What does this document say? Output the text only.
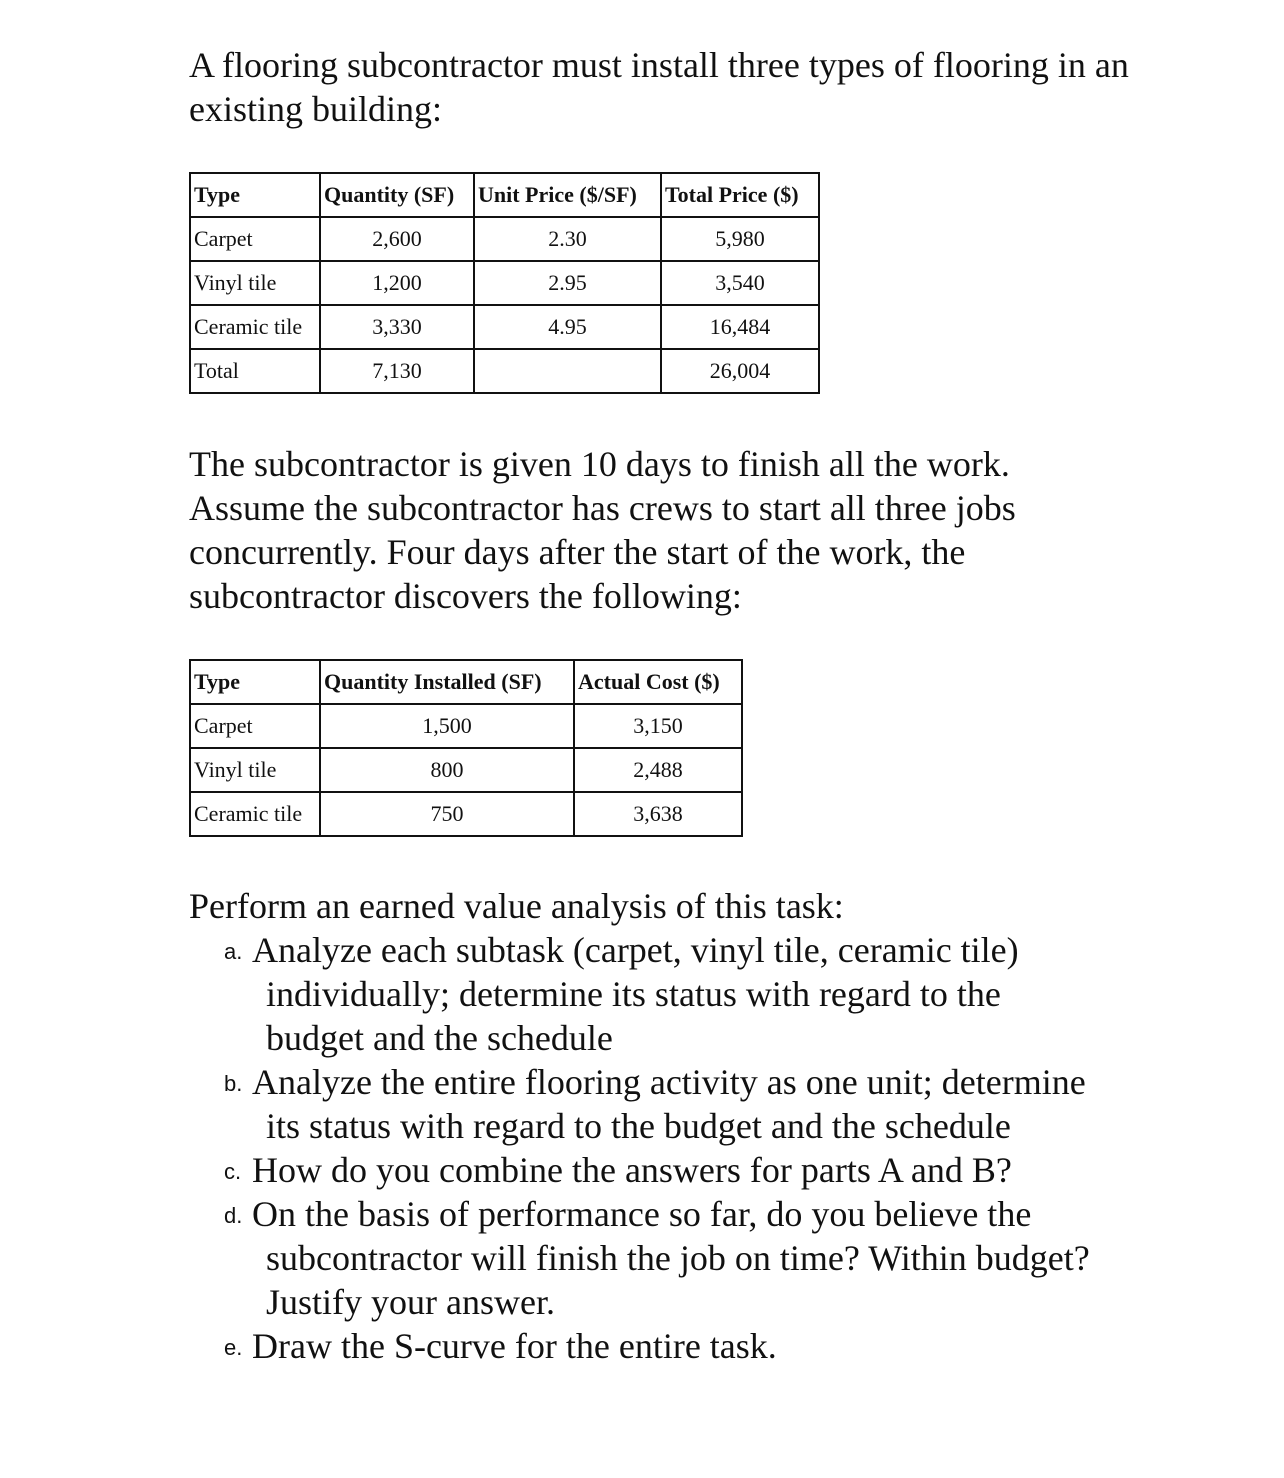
A flooring subcontractor must install three types of flooring in an existing building:

Type	Quantity (SF)	Unit Price ($/SF)	Total Price ($)
Carpet	2,600	2.30	5,980
Vinyl tile	1,200	2.95	3,540
Ceramic tile	3,330	4.95	16,484
Total	7,130		26,004

The subcontractor is given 10 days to finish all the work. Assume the subcontractor has crews to start all three jobs concurrently. Four days after the start of the work, the subcontractor discovers the following:

Type	Quantity Installed (SF)	Actual Cost ($)
Carpet	1,500	3,150
Vinyl tile	800	2,488
Ceramic tile	750	3,638

Perform an earned value analysis of this task:

a. Analyze each subtask (carpet, vinyl tile, ceramic tile) individually; determine its status with regard to the budget and the schedule
b. Analyze the entire flooring activity as one unit; determine its status with regard to the budget and the schedule
c. How do you combine the answers for parts A and B?
d. On the basis of performance so far, do you believe the subcontractor will finish the job on time? Within budget? Justify your answer.
e. Draw the S-curve for the entire task.
